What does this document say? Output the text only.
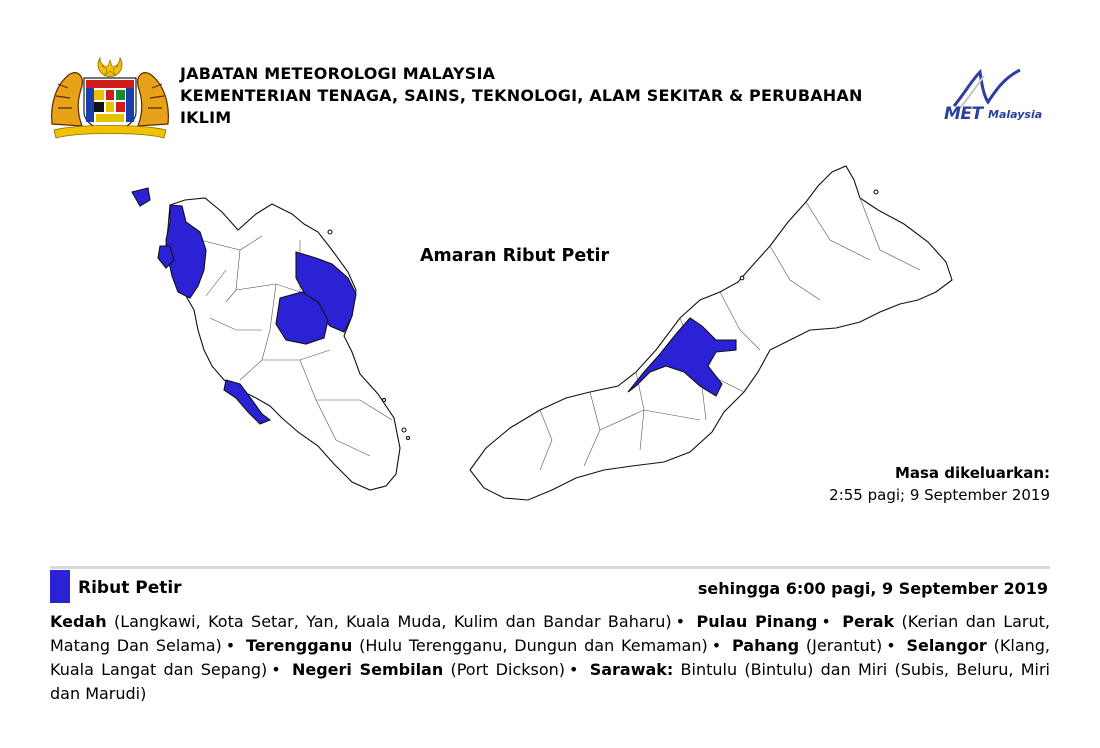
JABATAN METEOROLOGI MALAYSIA
KEMENTERIAN TENAGA, SAINS, TEKNOLOGI, ALAM SEKITAR & PERUBAHAN
IKLIM	MET Malaysia
Amaran Ribut Petir
Masa dikeluarkan:
2:55 pagi; 9 September 2019
Ribut Petir	sehingga 6:00 pagi, 9 September 2019
Kedah (Langkawi, Kota Setar, Yan, Kuala Muda, Kulim dan Bandar Baharu) • Pulau Pinang • Perak (Kerian dan Larut, Matang Dan Selama) • Terengganu (Hulu Terengganu, Dungun dan Kemaman) • Pahang (Jerantut) • Selangor (Klang, Kuala Langat dan Sepang) • Negeri Sembilan (Port Dickson) • Sarawak: Bintulu (Bintulu) dan Miri (Subis, Beluru, Miri dan Marudi)
